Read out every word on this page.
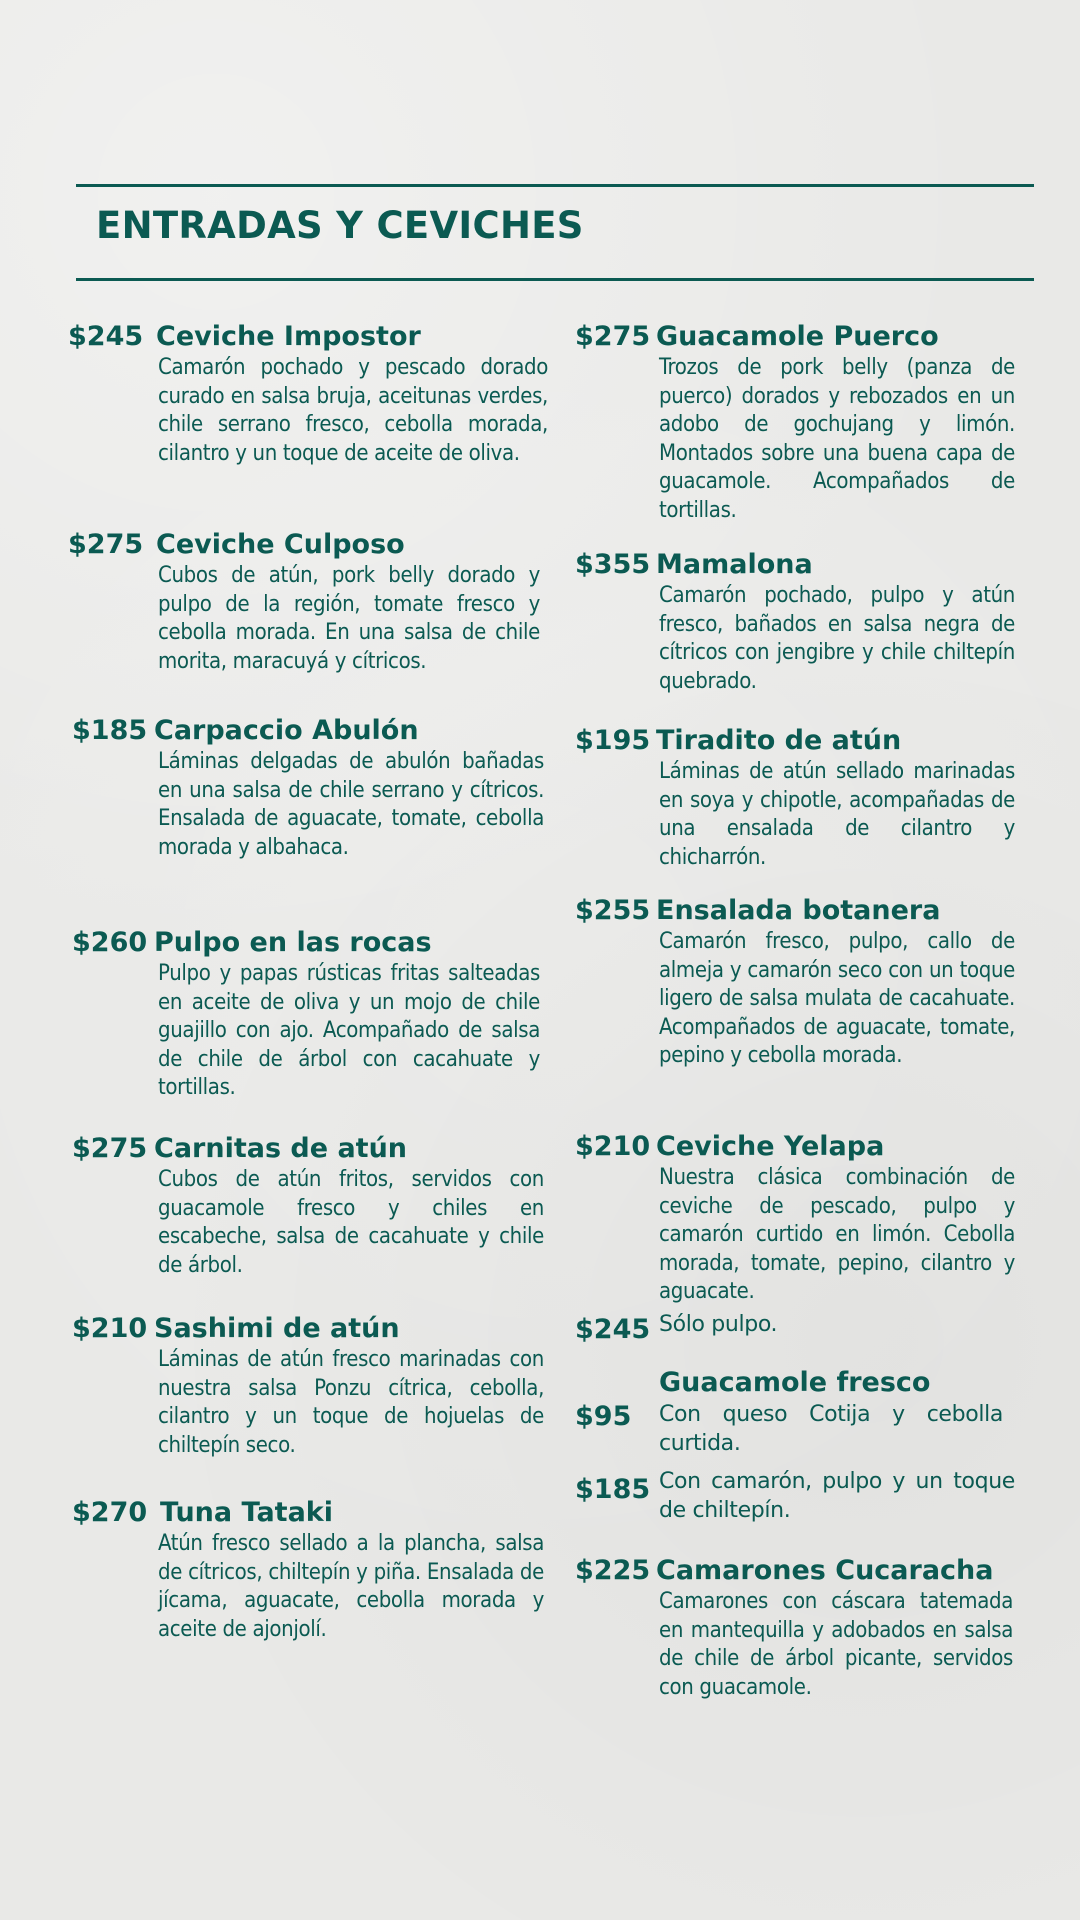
ENTRADAS Y CEVICHES
$245 Ceviche Impostor

Camarón pochado y pescado dorado curado en salsa bruja, aceitunas verdes, chile serrano fresco, cebolla morada, cilantro y un toque de aceite de oliva.

$275 Ceviche Culposo

Cubos de atún, pork belly dorado y pulpo de la región, tomate fresco y cebolla morada. En una salsa de chile morita, maracuyá y cítricos.

$185 Carpaccio Abulón

Láminas delgadas de abulón bañadas en una salsa de chile serrano y cítricos. Ensalada de aguacate, tomate, cebolla morada y albahaca.

$260 Pulpo en las rocas

Pulpo y papas rústicas fritas salteadas en aceite de oliva y un mojo de chile guajillo con ajo. Acompañado de salsa de chile de árbol con cacahuate y tortillas.

$275 Carnitas de atún

Cubos de atún fritos, servidos con guacamole fresco y chiles en escabeche, salsa de cacahuate y chile de árbol.

$210 Sashimi de atún

Láminas de atún fresco marinadas con nuestra salsa Ponzu cítrica, cebolla, cilantro y un toque de hojuelas de chiltepín seco.

$270 Tuna Tataki

Atún fresco sellado a la plancha, salsa de cítricos, chiltepín y piña. Ensalada de jícama, aguacate, cebolla morada y aceite de ajonjolí.

$275 Guacamole Puerco

Trozos de pork belly (panza de puerco) dorados y rebozados en un adobo de gochujang y limón. Montados sobre una buena capa de guacamole. Acompañados de tortillas.

$355 Mamalona

Camarón pochado, pulpo y atún fresco, bañados en salsa negra de cítricos con jengibre y chile chiltepín quebrado.

$195 Tiradito de atún

Láminas de atún sellado marinadas en soya y chipotle, acompañadas de una ensalada de cilantro y chicharrón.

$255 Ensalada botanera

Camarón fresco, pulpo, callo de almeja y camarón seco con un toque ligero de salsa mulata de cacahuate. Acompañados de aguacate, tomate, pepino y cebolla morada.

$210 Ceviche Yelapa

Nuestra clásica combinación de ceviche de pescado, pulpo y camarón curtido en limón. Cebolla morada, tomate, pepino, cilantro y aguacate.

$245 Sólo pulpo.

Guacamole fresco
$95 Con queso Cotija y cebolla curtida.

$185 Con camarón, pulpo y un toque de chiltepín.

$225 Camarones Cucaracha

Camarones con cáscara tatemada en mantequilla y adobados en salsa de chile de árbol picante, servidos con guacamole.
